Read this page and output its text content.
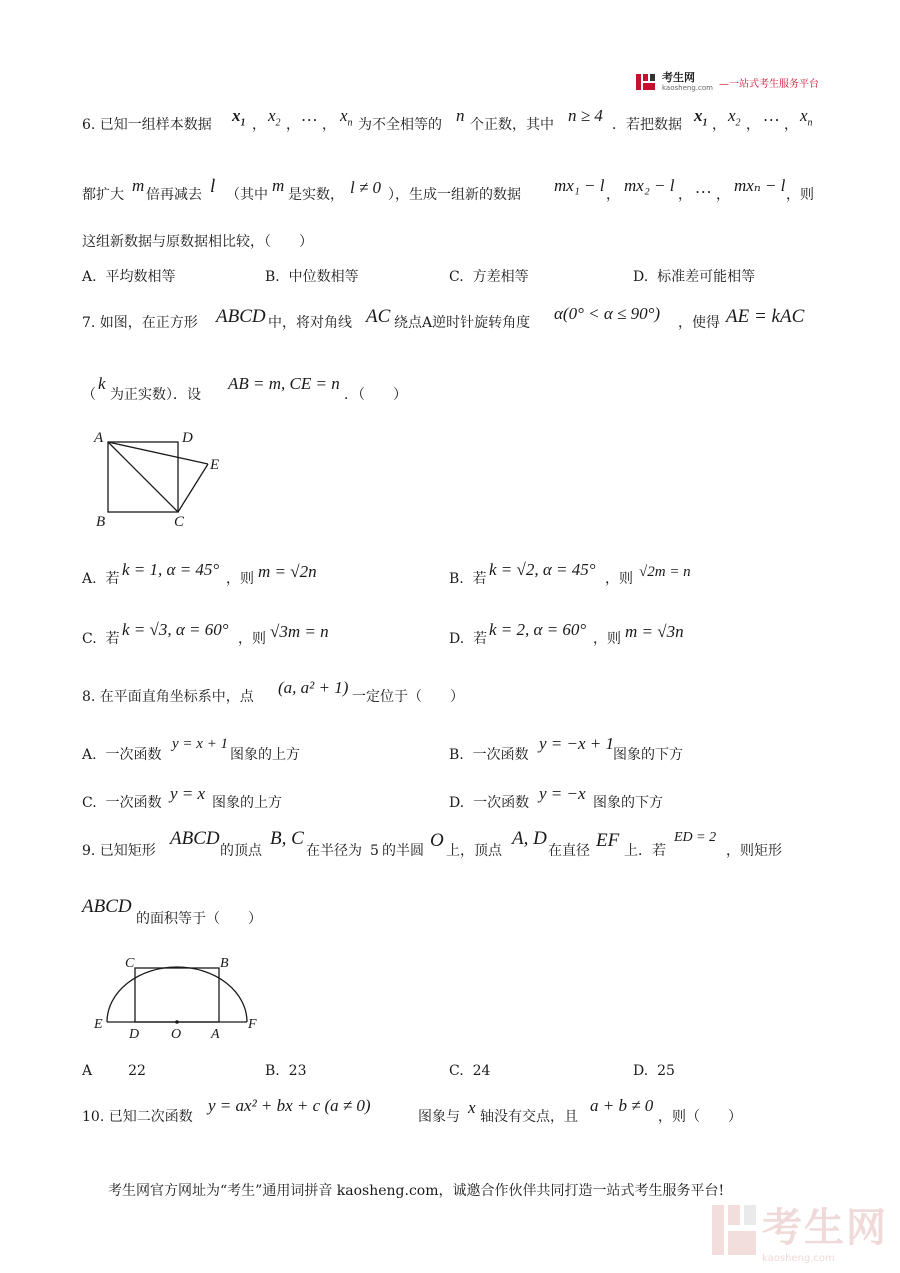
考生网
kaosheng.com —一站式考生服务平台
6. 已知一组样本数据 $x_1$ ， $x_2$ ， … ， $x_n$ 为不全相等的 n 个正数，其中 n ≥ 4 ．若把数据 $x_1$ ， $x_2$ ， … ， $x_n$
都扩大 m 倍再减去 l （其中 m 是实数， l ≠ 0 ），生成一组新的数据 mx₁ − l ， mx₂ − l ， … ， mxₙ − l ，则
这组新数据与原数据相比较，（　　）
A. 平均数相等	B. 中位数相等	C. 方差相等	D. 标准差可能相等
7. 如图，在正方形 ABCD 中，将对角线 AC 绕点A逆时针旋转角度 α(0° < α ≤ 90°) ，使得 AE = kAC
（
k
为正实数）．设
AB = m, CE = n
．（　　）
A	D
E
B	C
A. 若 k = 1, α = 45° ，则 m = √2n	B. 若 k = √2, α = 45° ，则 √2m = n
C. 若 k = √3, α = 60° ，则 √3m = n	D. 若 k = 2, α = 60° ，则 m = √3n
8. 在平面直角坐标系中，点 (a, a² + 1) 一定位于（　　）
A. 一次函数
y = x + 1
图象的上方	B. 一次函数
y = −x + 1
图象的下方
C. 一次函数 y = x 图象的上方	D. 一次函数 y = −x 图象的下方
9. 已知矩形
ABCD
的顶点
B, C
在半径为 5 的半圆 O 上，顶点
A, D
在直径 EF 上．若
ED = 2
，则矩形
ABCD
的面积等于（　　）
C	B
E
D O A
F
A	22	B. 23	C. 24	D. 25
10. 已知二次函数
y = ax² + bx + c (a ≠ 0)
图象与 x 轴没有交点，且
a + b ≠ 0
，则（　　）
考生网官方网址为“考生”通用词拼音 kaosheng.com，诚邀合作伙伴共同打造一站式考生服务平台!
考生网
kaosheng.com
